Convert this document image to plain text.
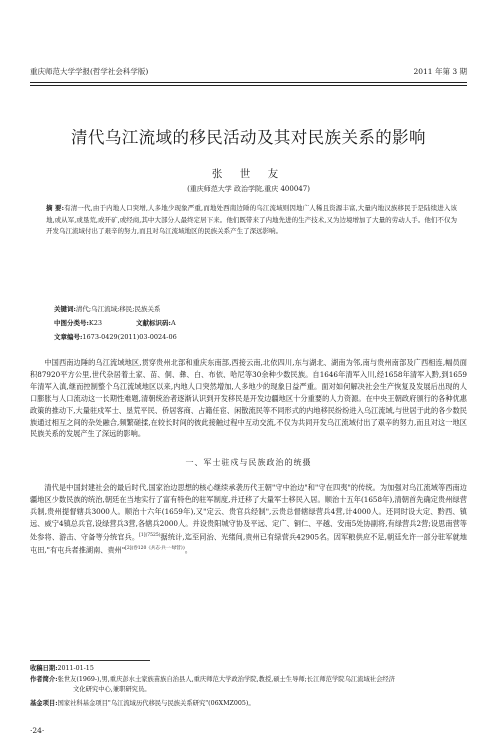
重庆师范大学学报(哲学社会科学版)	2011 年第 3 期
清代乌江流域的移民活动及其对民族关系的影响
张 世 友
(重庆师范大学 政治学院,重庆 400047)
摘 要:有清一代,由于内地人口突增,人多地少现象严重,而地处西南边陲的乌江流域则因地广人稀且资源丰富,大量内地汉族移民于是陆续进入该地,或从军,或垦荒,或开矿,或经商,其中大部分人最终定居下来。他们既带来了内地先进的生产技术,又为边境增加了大量的劳动人手。他们不仅为开发乌江流域付出了艰辛的努力,而且对乌江流域地区的民族关系产生了深远影响。
关键词:清代;乌江流域;移民;民族关系
中图分类号:K23	文献标识码:A
文章编号:1673-0429(2011)03-0024-06

中国西南边陲的乌江流域地区,贯穿贵州北部和重庆东南部,西接云南,北依四川,东与湖北、湖南为邻,南与贵州南部及广西相连,幅员面积87920平方公里,世代杂居着土家、苗、侗、彝、白、布依、哈尼等30余种少数民族。自1646年清军入川,经1658年清军入黔,到1659年清军入滇,继而控制整个乌江流域地区以来,内地人口突然增加,人多地少的现象日益严重。面对如何解决社会生产恢复及发展后出现的人口膨胀与人口流动这一长期性难题,清朝统治者逐渐认识到开发移民是开发边疆地区十分重要的人力资源。在中央王朝政府颁行的各种优惠政策的推动下,大量驻戍军士、垦荒平民、侨居客商、占籍任宦、闲散流民等不同形式的内地移民纷纷进入乌江流域,与世居于此的各少数民族通过相互之间的杂处融合,频繁磋揉,在较长时间的彼此接触过程中互动交流,不仅为共同开发乌江流域付出了艰辛的努力,而且对这一地区民族关系的发展产生了深远的影响。

一、军士驻戍与民族政治的统摄

清代是中国封建社会的最后时代,国家治边思想的核心继续承袭历代王朝"守中治边"和"守在四夷"的传统。为加强对乌江流域等西南边疆地区少数民族的统治,朝廷在当地实行了富有特色的驻军制度,并迁移了大量军士移民入居。顺治十五年(1658年),清朝首先确定贵州绿营兵制,贵州提督辖兵3000人。顺治十六年(1659年),又"定云、贵官兵经制",云贵总督辖绿营兵4营,计4000人。还同时设大定、黔西、镇远、威宁4镇总兵官,设绿营兵3营,各辖兵2000人。并设贵阳城守协及平远、定广、铜仁、平越、安南5处协副将,有绿营兵2营;设思南营等处参将、游击、守备等分统官兵。$^{[1](7525)}$据统计,迄至同治、光绪间,贵州已有绿营兵42905名。因军粮供应不足,朝廷允许一部分驻军就地屯田,"有屯兵者推湖南、贵州"$^{[2](卷120《兵志\cdot 兵一\cdot 绿营》)}$。

收稿日期:2011-01-15
作者简介:张世友(1969-),男,重庆彭水土家族苗族自治县人,重庆师范大学政治学院,教授,硕士生导师;长江师范学院乌江流域社会经济
文化研究中心,兼职研究员。
基金项目:国家社科基金项目"乌江流域历代移民与民族关系研究"(06XMZ005)。
·24·
